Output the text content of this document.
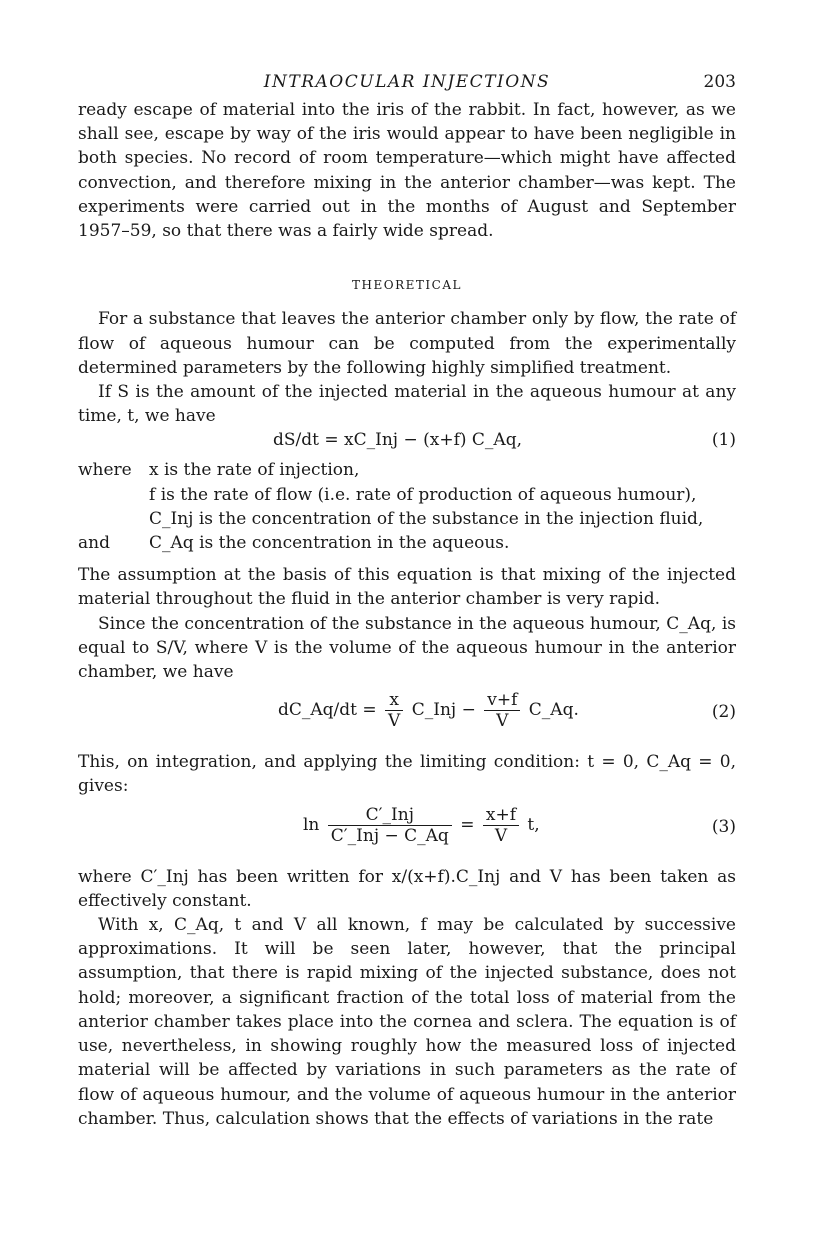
INTRAOCULAR INJECTIONS	203

ready escape of material into the iris of the rabbit. In fact, however, as we shall see, escape by way of the iris would appear to have been negligible in both species. No record of room temperature—which might have affected convection, and therefore mixing in the anterior chamber—was kept. The experiments were carried out in the months of August and September 1957–59, so that there was a fairly wide spread.

THEORETICAL

For a substance that leaves the anterior chamber only by flow, the rate of flow of aqueous humour can be computed from the experimentally determined parameters by the following highly simplified treatment.

If S is the amount of the injected material in the aqueous humour at any time, t, we have

dS/dt = xC_Inj − (x+f) C_Aq,	(1)
where x is the rate of injection,
f is the rate of flow (i.e. rate of production of aqueous humour),
C_Inj is the concentration of the substance in the injection fluid,
and C_Aq is the concentration in the aqueous.

The assumption at the basis of this equation is that mixing of the injected material throughout the fluid in the anterior chamber is very rapid.

Since the concentration of the substance in the aqueous humour, C_Aq, is equal to S/V, where V is the volume of the aqueous humour in the anterior chamber, we have

dC_Aq/dt = $\frac{x}{V}$ C_Inj − $\frac{v+f}{V}$ C_Aq.	(2)

This, on integration, and applying the limiting condition: t = 0, C_Aq = 0, gives:

$\ln \frac{\text{C′\_Inj}}{\text{C′\_Inj − C\_Aq}} = \frac{x+f}{V} t$,	(3)

where C′_Inj has been written for x/(x+f).C_Inj and V has been taken as effectively constant.

With x, C_Aq, t and V all known, f may be calculated by successive approximations. It will be seen later, however, that the principal assumption, that there is rapid mixing of the injected substance, does not hold; moreover, a significant fraction of the total loss of material from the anterior chamber takes place into the cornea and sclera. The equation is of use, nevertheless, in showing roughly how the measured loss of injected material will be affected by variations in such parameters as the rate of flow of aqueous humour, and the volume of aqueous humour in the anterior chamber. Thus, calculation shows that the effects of variations in the rate
